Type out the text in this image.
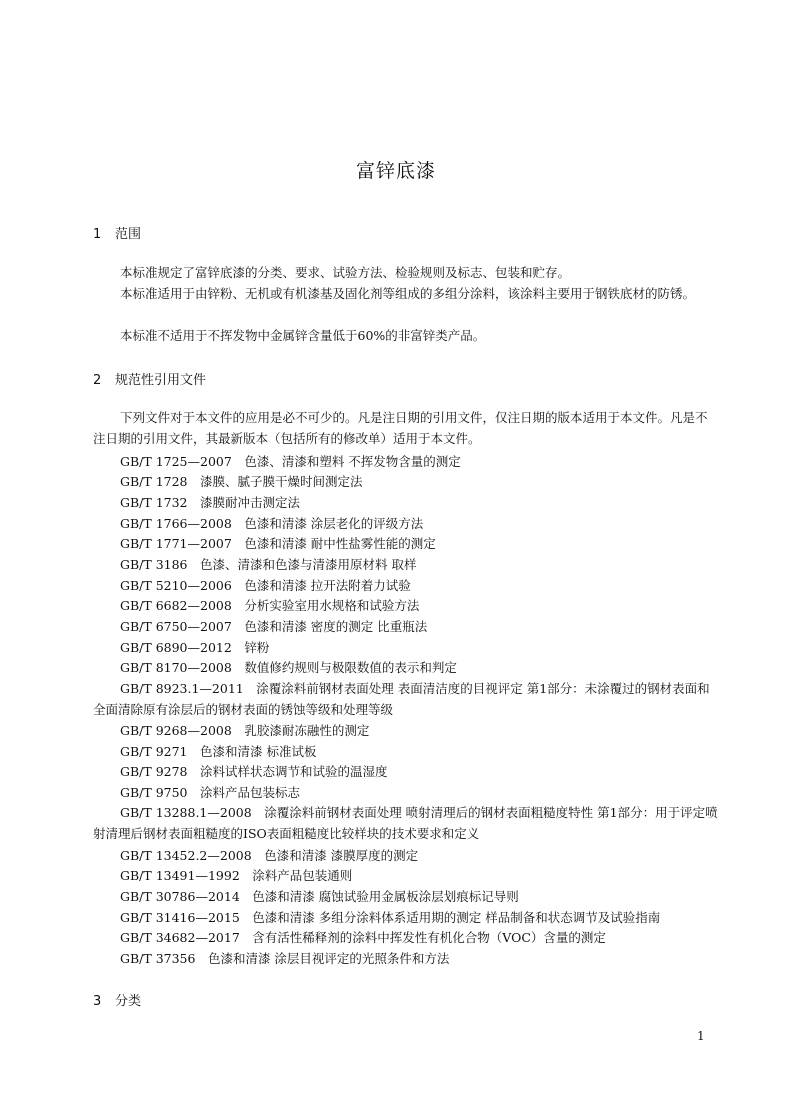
富锌底漆
1 范围
本标准规定了富锌底漆的分类、要求、试验方法、检验规则及标志、包装和贮存。
本标准适用于由锌粉、无机或有机漆基及固化剂等组成的多组分涂料，该涂料主要用于钢铁底材的防锈。
本标准不适用于不挥发物中金属锌含量低于60%的非富锌类产品。
2 规范性引用文件
下列文件对于本文件的应用是必不可少的。凡是注日期的引用文件，仅注日期的版本适用于本文件。凡是不注日期的引用文件，其最新版本（包括所有的修改单）适用于本文件。
GB/T 1725—2007　色漆、清漆和塑料 不挥发物含量的测定
GB/T 1728　漆膜、腻子膜干燥时间测定法
GB/T 1732　漆膜耐冲击测定法
GB/T 1766—2008　色漆和清漆 涂层老化的评级方法
GB/T 1771—2007　色漆和清漆 耐中性盐雾性能的测定
GB/T 3186　色漆、清漆和色漆与清漆用原材料 取样
GB/T 5210—2006　色漆和清漆 拉开法附着力试验
GB/T 6682—2008　分析实验室用水规格和试验方法
GB/T 6750—2007　色漆和清漆 密度的测定 比重瓶法
GB/T 6890—2012　锌粉
GB/T 8170—2008　数值修约规则与极限数值的表示和判定
GB/T 8923.1—2011　涂覆涂料前钢材表面处理 表面清洁度的目视评定 第1部分：未涂覆过的钢材表面和全面清除原有涂层后的钢材表面的锈蚀等级和处理等级
GB/T 9268—2008　乳胶漆耐冻融性的测定
GB/T 9271　色漆和清漆 标准试板
GB/T 9278　涂料试样状态调节和试验的温湿度
GB/T 9750　涂料产品包装标志
GB/T 13288.1—2008　涂覆涂料前钢材表面处理 喷射清理后的钢材表面粗糙度特性 第1部分：用于评定喷射清理后钢材表面粗糙度的ISO表面粗糙度比较样块的技术要求和定义
GB/T 13452.2—2008　色漆和清漆 漆膜厚度的测定
GB/T 13491—1992　涂料产品包装通则
GB/T 30786—2014　色漆和清漆 腐蚀试验用金属板涂层划痕标记导则
GB/T 31416—2015　色漆和清漆 多组分涂料体系适用期的测定 样品制备和状态调节及试验指南
GB/T 34682—2017　含有活性稀释剂的涂料中挥发性有机化合物（VOC）含量的测定
GB/T 37356　色漆和清漆 涂层目视评定的光照条件和方法
3 分类
1
